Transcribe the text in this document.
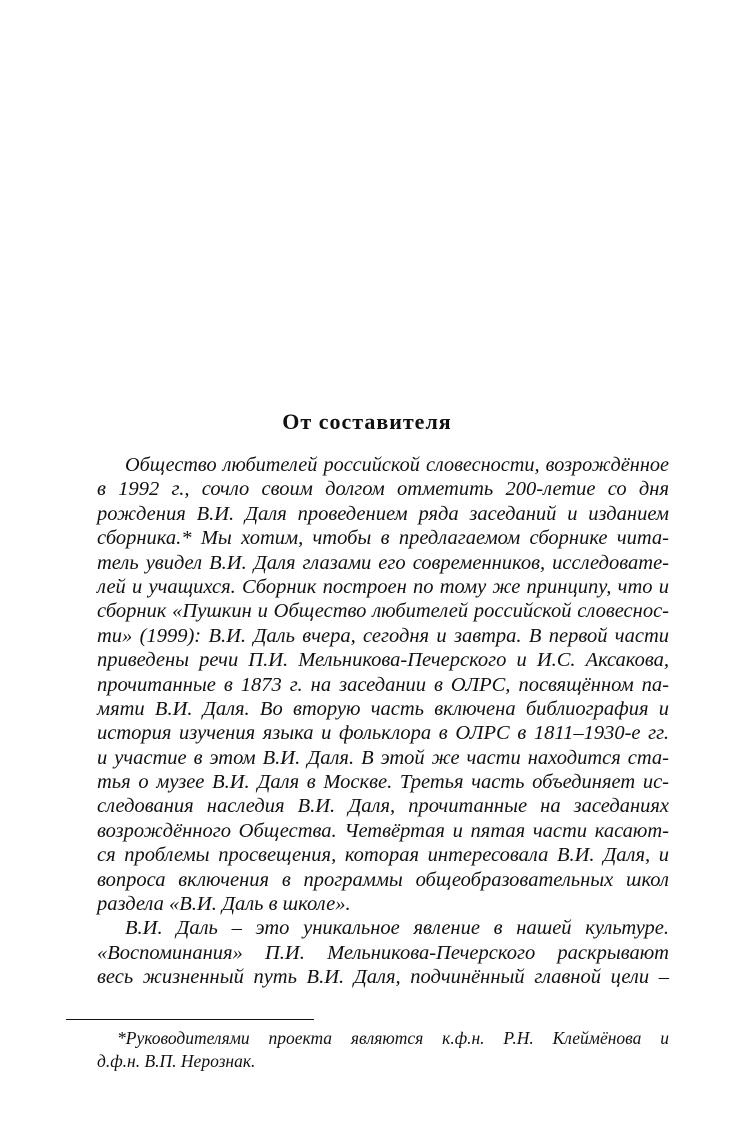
От составителя
Общество любителей российской словесности, возрождённое
в 1992 г., сочло своим долгом отметить 200-летие со дня
рождения В.И. Даля проведением ряда заседаний и изданием
сборника.* Мы хотим, чтобы в предлагаемом сборнике чита-
тель увидел В.И. Даля глазами его современников, исследовате-
лей и учащихся. Сборник построен по тому же принципу, что и
сборник «Пушкин и Общество любителей российской словеснос-
ти» (1999): В.И. Даль вчера, сегодня и завтра. В первой части
приведены речи П.И. Мельникова-Печерского и И.С. Аксакова,
прочитанные в 1873 г. на заседании в ОЛРС, посвящённом па-
мяти В.И. Даля. Во вторую часть включена библиография и
история изучения языка и фольклора в ОЛРС в 1811–1930-е гг.
и участие в этом В.И. Даля. В этой же части находится ста-
тья о музее В.И. Даля в Москве. Третья часть объединяет ис-
следования наследия В.И. Даля, прочитанные на заседаниях
возрождённого Общества. Четвёртая и пятая части касают-
ся проблемы просвещения, которая интересовала В.И. Даля, и
вопроса включения в программы общеобразовательных школ
раздела «В.И. Даль в школе».
В.И. Даль – это уникальное явление в нашей культуре.
«Воспоминания» П.И. Мельникова-Печерского раскрывают
весь жизненный путь В.И. Даля, подчинённый главной цели –
*Руководителями проекта являются к.ф.н. Р.Н. Клеймёнова и
д.ф.н. В.П. Нерознак.
